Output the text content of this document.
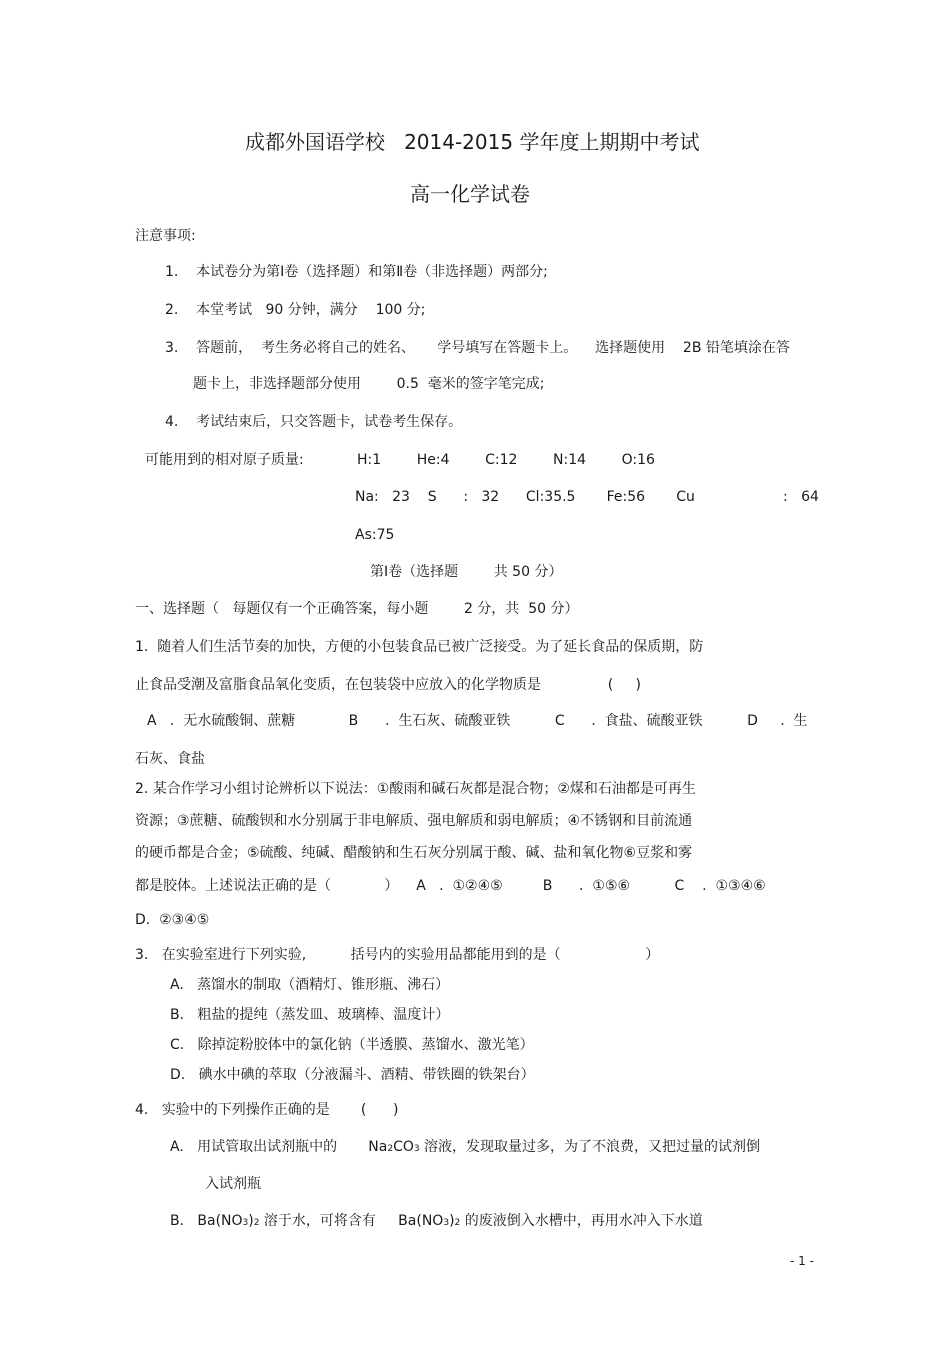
成都外国语学校   2014-2015 学年度上期期中考试
高一化学试卷
注意事项:
1.    本试卷分为第Ⅰ卷（选择题）和第Ⅱ卷（非选择题）两部分;
2.    本堂考试   90 分钟，满分    100 分;
3.    答题前，  考生务必将自己的姓名、     学号填写在答题卡上。    选择题使用    2B 铅笔填涂在答
题卡上，非选择题部分使用        0.5  毫米的签字笔完成;
4.    考试结束后，只交答题卡，试卷考生保存。
可能用到的相对原子质量:	H:1        He:4        C:12        N:14        O:16
Na:   23    S      :   32      Cl:35.5       Fe:56       Cu	:   64
As:75
第Ⅰ卷（选择题        共 50 分）
一、选择题（   每题仅有一个正确答案，每小题        2 分，共  50 分）
1.  随着人们生活节奏的加快，方便的小包装食品已被广泛接受。为了延长食品的保质期，防
止食品受潮及富脂食品氧化变质，在包装袋中应放入的化学物质是               (     )
A   .  无水硫酸铜、蔗糖            B      .  生石灰、硫酸亚铁          C      .  食盐、硫酸亚铁          D     .  生
石灰、食盐
2. 某合作学习小组讨论辨析以下说法：①酸雨和碱石灰都是混合物；②煤和石油都是可再生
资源；③蔗糖、硫酸钡和水分别属于非电解质、强电解质和弱电解质；④不锈钢和目前流通
的硬币都是合金；⑤硫酸、纯碱、醋酸钠和生石灰分别属于酸、碱、盐和氧化物⑥豆浆和雾
都是胶体。上述说法正确的是（            ）    A   .  ①②④⑤         B      .  ①⑤⑥          C    .  ①③④⑥
D.  ②③④⑤
3.   在实验室进行下列实验,          括号内的实验用品都能用到的是（                   ）
A.   蒸馏水的制取（酒精灯、锥形瓶、沸石）
B.   粗盐的提纯（蒸发皿、玻璃棒、温度计）
C.   除掉淀粉胶体中的氯化钠（半透膜、蒸馏水、激光笔）
D.   碘水中碘的萃取（分液漏斗、酒精、带铁圈的铁架台）
4.   实验中的下列操作正确的是       (      )
A.   用试管取出试剂瓶中的       Na2CO3 溶液，发现取量过多，为了不浪费，又把过量的试剂倒
入试剂瓶
B.   Ba(NO3)2 溶于水，可将含有     Ba(NO3)2 的废液倒入水槽中，再用水冲入下水道
- 1 -
